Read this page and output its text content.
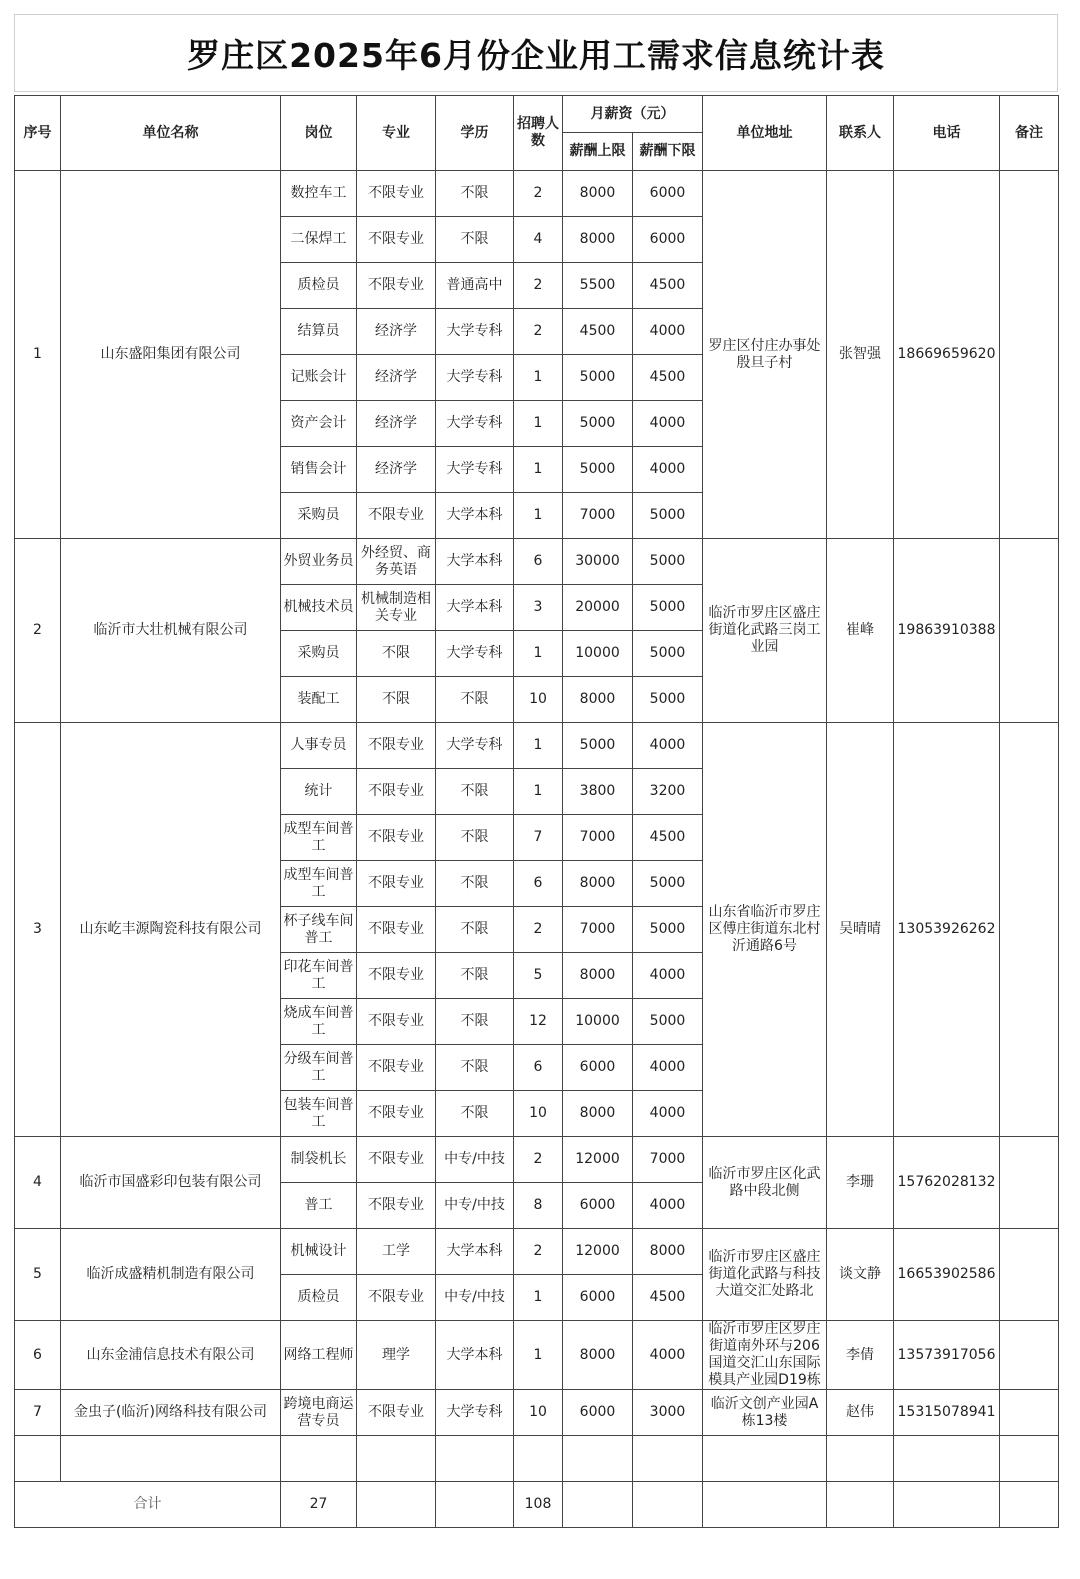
罗庄区2025年6月份企业用工需求信息统计表
序号	单位名称	岗位	专业	学历	招聘人数	月薪资（元）		单位地址	联系人	电话	备注
						薪酬上限	薪酬下限				
1	山东盛阳集团有限公司	数控车工	不限专业	不限	2	8000	6000	罗庄区付庄办事处殷旦子村	张智强	18669659620	
		二保焊工	不限专业	不限	4	8000	6000				
		质检员	不限专业	普通高中	2	5500	4500				
		结算员	经济学	大学专科	2	4500	4000				
		记账会计	经济学	大学专科	1	5000	4500				
		资产会计	经济学	大学专科	1	5000	4000				
		销售会计	经济学	大学专科	1	5000	4000				
		采购员	不限专业	大学本科	1	7000	5000				
2	临沂市大壮机械有限公司	外贸业务员	外经贸、商务英语	大学本科	6	30000	5000	临沂市罗庄区盛庄街道化武路三岗工业园	崔峰	19863910388	
		机械技术员	机械制造相关专业	大学本科	3	20000	5000				
		采购员	不限	大学专科	1	10000	5000				
		装配工	不限	不限	10	8000	5000				
3	山东屹丰源陶瓷科技有限公司	人事专员	不限专业	大学专科	1	5000	4000	山东省临沂市罗庄区傅庄街道东北村沂通路6号	吴晴晴	13053926262	
		统计	不限专业	不限	1	3800	3200				
		成型车间普工	不限专业	不限	7	7000	4500				
		成型车间普工	不限专业	不限	6	8000	5000				
		杯子线车间普工	不限专业	不限	2	7000	5000				
		印花车间普工	不限专业	不限	5	8000	4000				
		烧成车间普工	不限专业	不限	12	10000	5000				
		分级车间普工	不限专业	不限	6	6000	4000				
		包装车间普工	不限专业	不限	10	8000	4000				
4	临沂市国盛彩印包装有限公司	制袋机长	不限专业	中专/中技	2	12000	7000	临沂市罗庄区化武路中段北侧	李珊	15762028132	
		普工	不限专业	中专/中技	8	6000	4000				
5	临沂成盛精机制造有限公司	机械设计	工学	大学本科	2	12000	8000	临沂市罗庄区盛庄街道化武路与科技大道交汇处路北	谈文静	16653902586	
		质检员	不限专业	中专/中技	1	6000	4500				
6	山东金浦信息技术有限公司	网络工程师	理学	大学本科	1	8000	4000	临沂市罗庄区罗庄街道南外环与206国道交汇山东国际模具产业园D19栋	李倩	13573917056	
7	金虫子(临沂)网络科技有限公司	跨境电商运营专员	不限专业	大学专科	10	6000	3000	临沂文创产业园A栋13楼	赵伟	15315078941	

合计		27			108						
